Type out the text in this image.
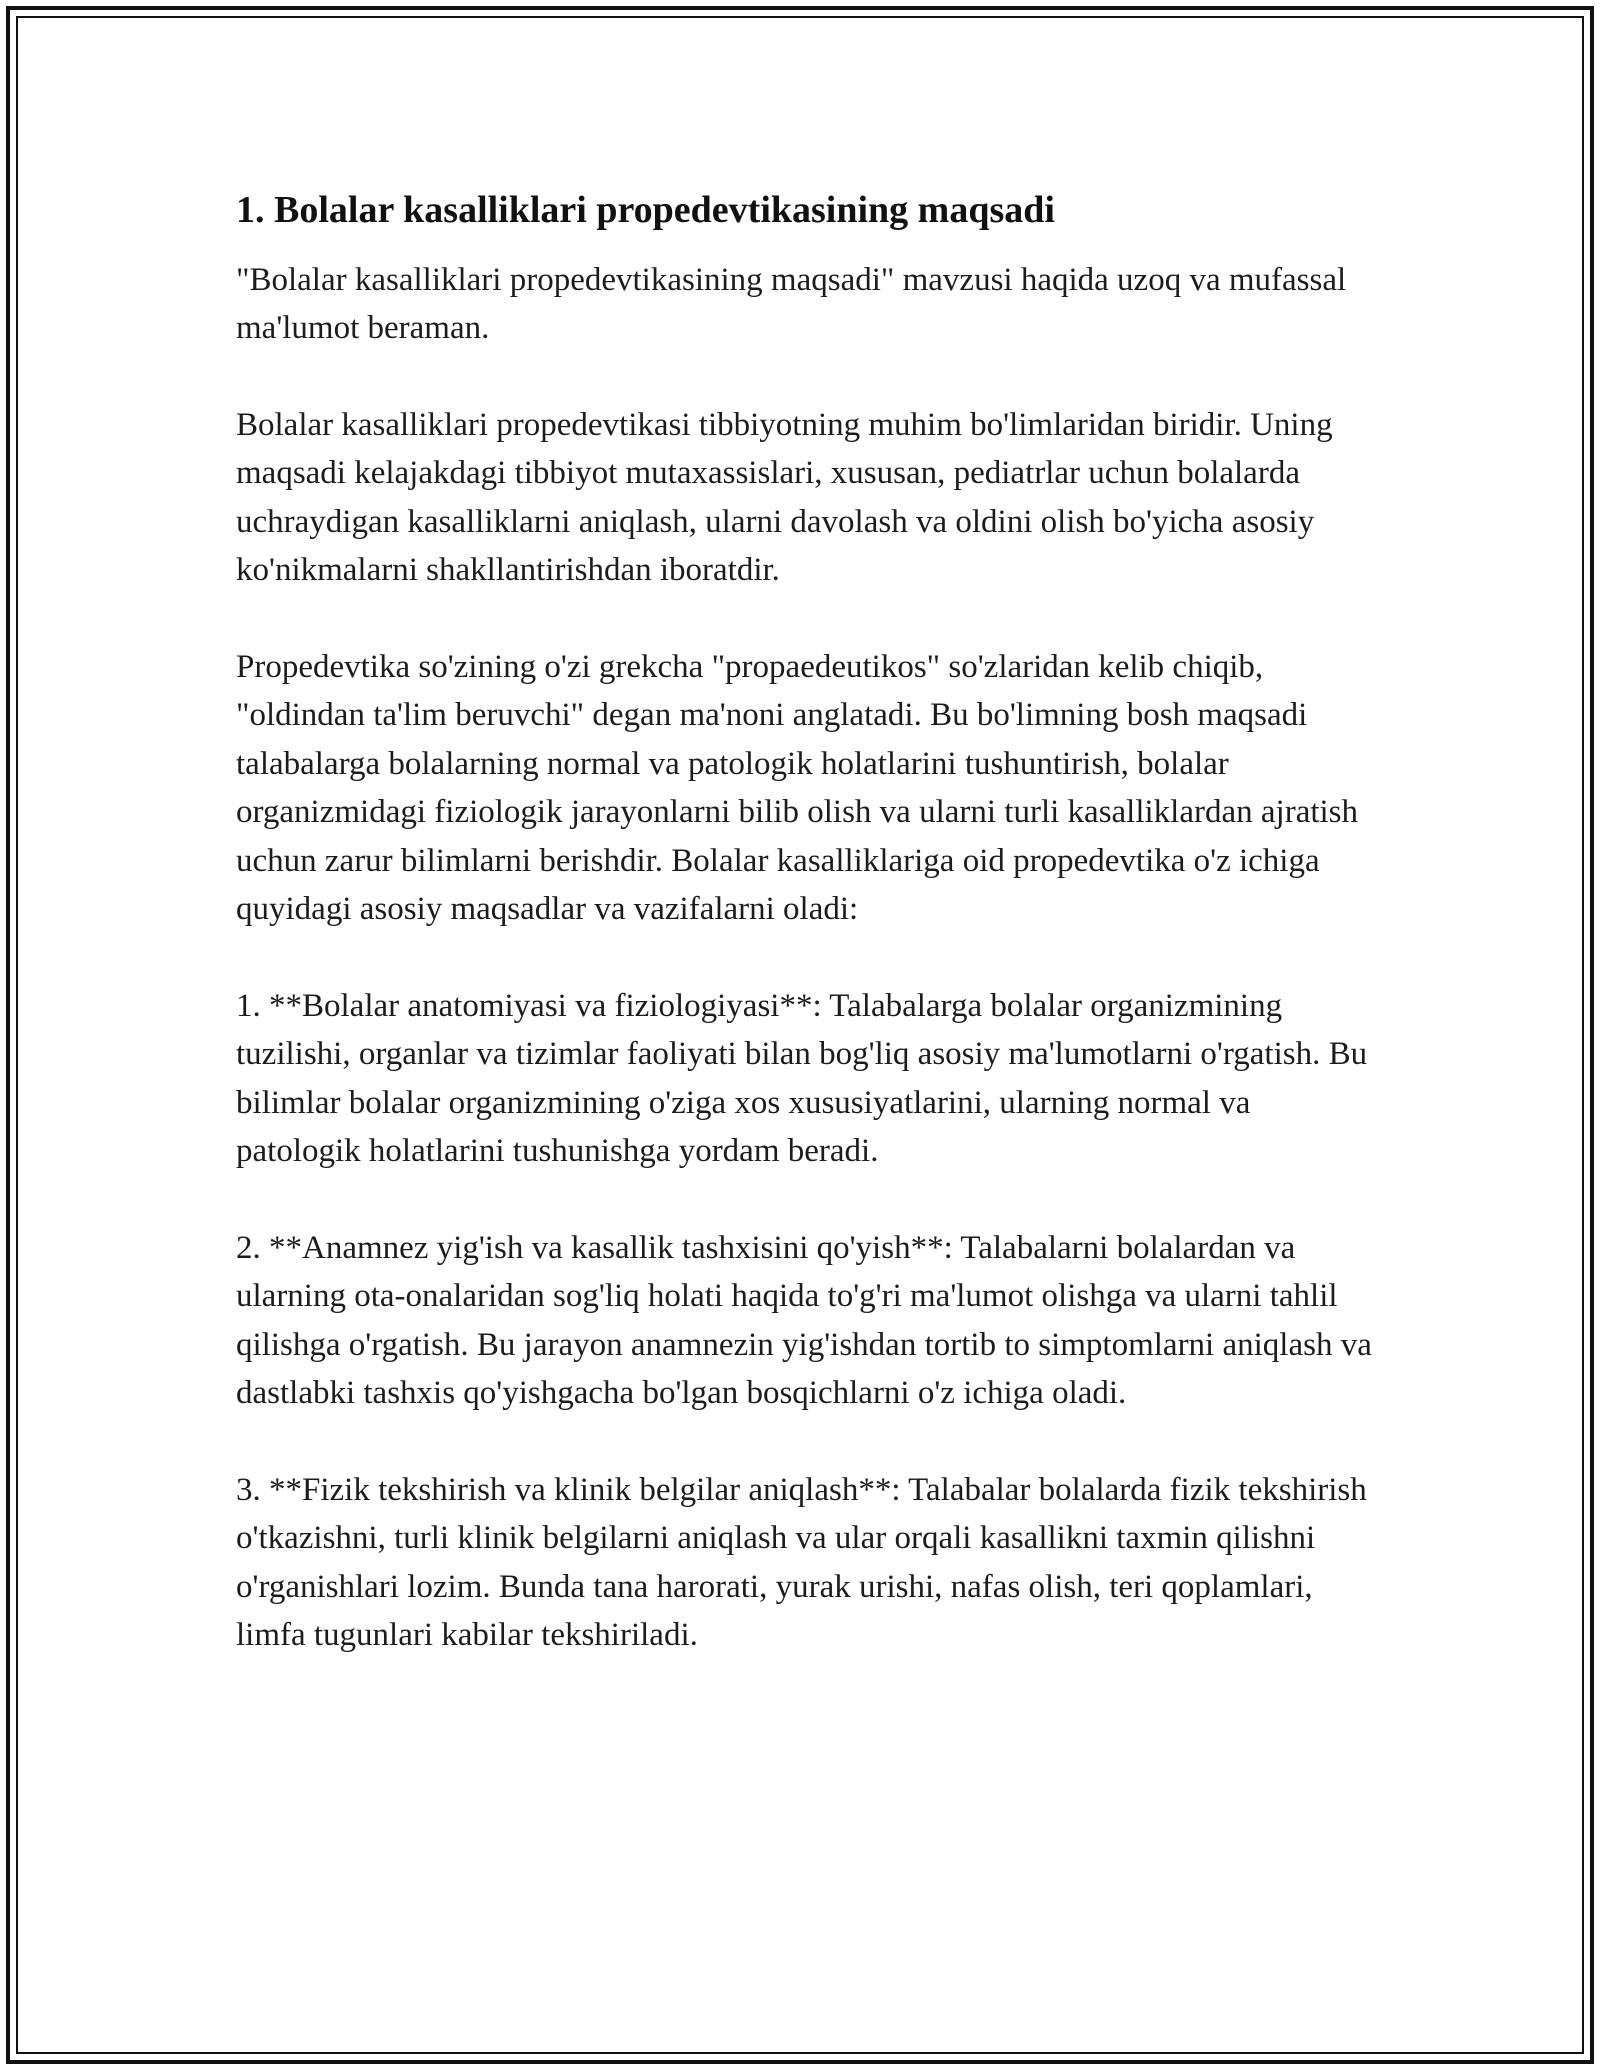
1. Bolalar kasalliklari propedevtikasining maqsadi

"Bolalar kasalliklari propedevtikasining maqsadi" mavzusi haqida uzoq va mufassal ma'lumot beraman.

Bolalar kasalliklari propedevtikasi tibbiyotning muhim bo'limlaridan biridir. Uning maqsadi kelajakdagi tibbiyot mutaxassislari, xususan, pediatrlar uchun bolalarda uchraydigan kasalliklarni aniqlash, ularni davolash va oldini olish bo'yicha asosiy ko'nikmalarni shakllantirishdan iboratdir.

Propedevtika so'zining o'zi grekcha "propaedeutikos" so'zlaridan kelib chiqib, "oldindan ta'lim beruvchi" degan ma'noni anglatadi. Bu bo'limning bosh maqsadi talabalarga bolalarning normal va patologik holatlarini tushuntirish, bolalar organizmidagi fiziologik jarayonlarni bilib olish va ularni turli kasalliklardan ajratish uchun zarur bilimlarni berishdir. Bolalar kasalliklariga oid propedevtika o'z ichiga quyidagi asosiy maqsadlar va vazifalarni oladi:

1. **Bolalar anatomiyasi va fiziologiyasi**: Talabalarga bolalar organizmining tuzilishi, organlar va tizimlar faoliyati bilan bog'liq asosiy ma'lumotlarni o'rgatish. Bu bilimlar bolalar organizmining o'ziga xos xususiyatlarini, ularning normal va patologik holatlarini tushunishga yordam beradi.

2. **Anamnez yig'ish va kasallik tashxisini qo'yish**: Talabalarni bolalardan va ularning ota-onalaridan sog'liq holati haqida to'g'ri ma'lumot olishga va ularni tahlil qilishga o'rgatish. Bu jarayon anamnezin yig'ishdan tortib to simptomlarni aniqlash va dastlabki tashxis qo'yishgacha bo'lgan bosqichlarni o'z ichiga oladi.

3. **Fizik tekshirish va klinik belgilar aniqlash**: Talabalar bolalarda fizik tekshirish o'tkazishni, turli klinik belgilarni aniqlash va ular orqali kasallikni taxmin qilishni o'rganishlari lozim. Bunda tana harorati, yurak urishi, nafas olish, teri qoplamlari, limfa tugunlari kabilar tekshiriladi.
